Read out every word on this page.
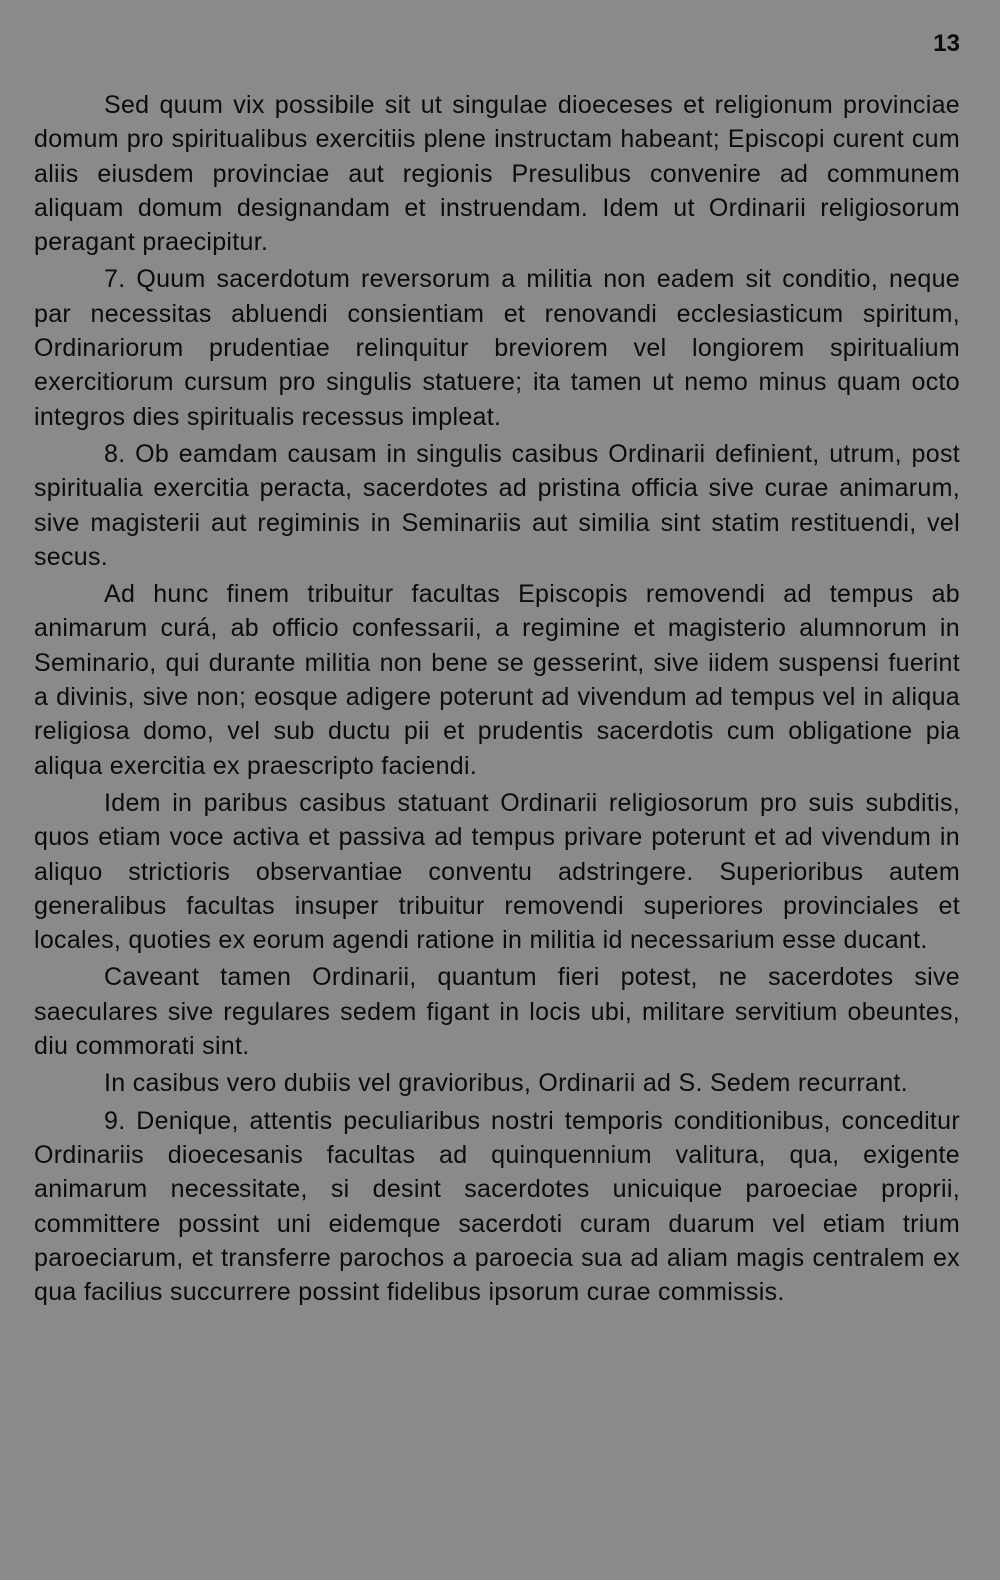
13

Sed quum vix possibile sit ut singulae dioeceses et religionum provinciae domum pro spiritualibus exercitiis plene instructam habeant; Episcopi curent cum aliis eiusdem provinciae aut regionis Presulibus convenire ad communem aliquam domum designandam et instruendam. Idem ut Ordinarii religiosorum peragant praecipitur.

7. Quum sacerdotum reversorum a militia non eadem sit conditio, neque par necessitas abluendi consientiam et renovandi ecclesiasticum spiritum, Ordinariorum prudentiae relinquitur breviorem vel longiorem spiritualium exercitiorum cursum pro singulis statuere; ita tamen ut nemo minus quam octo integros dies spiritualis recessus impleat.

8. Ob eamdam causam in singulis casibus Ordinarii definient, utrum, post spiritualia exercitia peracta, sacerdotes ad pristina officia sive curae animarum, sive magisterii aut regiminis in Seminariis aut similia sint statim restituendi, vel secus.

Ad hunc finem tribuitur facultas Episcopis removendi ad tempus ab animarum curá, ab officio confessarii, a regimine et magisterio alumnorum in Seminario, qui durante militia non bene se gesserint, sive iidem suspensi fuerint a divinis, sive non; eosque adigere poterunt ad vivendum ad tempus vel in aliqua religiosa domo, vel sub ductu pii et prudentis sacerdotis cum obligatione pia aliqua exercitia ex praescripto faciendi.

Idem in paribus casibus statuant Ordinarii religiosorum pro suis subditis, quos etiam voce activa et passiva ad tempus privare poterunt et ad vivendum in aliquo strictioris observantiae conventu adstringere. Superioribus autem generalibus facultas insuper tribuitur removendi superiores provinciales et locales, quoties ex eorum agendi ratione in militia id necessarium esse ducant.

Caveant tamen Ordinarii, quantum fieri potest, ne sacerdotes sive saeculares sive regulares sedem figant in locis ubi, militare servitium obeuntes, diu commorati sint.

In casibus vero dubiis vel gravioribus, Ordinarii ad S. Sedem recurrant.

9. Denique, attentis peculiaribus nostri temporis conditionibus, conceditur Ordinariis dioecesanis facultas ad quinquennium valitura, qua, exigente animarum necessitate, si desint sacerdotes unicuique paroeciae proprii, committere possint uni eidemque sacerdoti curam duarum vel etiam trium paroeciarum, et transferre parochos a paroecia sua ad aliam magis centralem ex qua facilius succurrere possint fidelibus ipsorum curae commissis.
